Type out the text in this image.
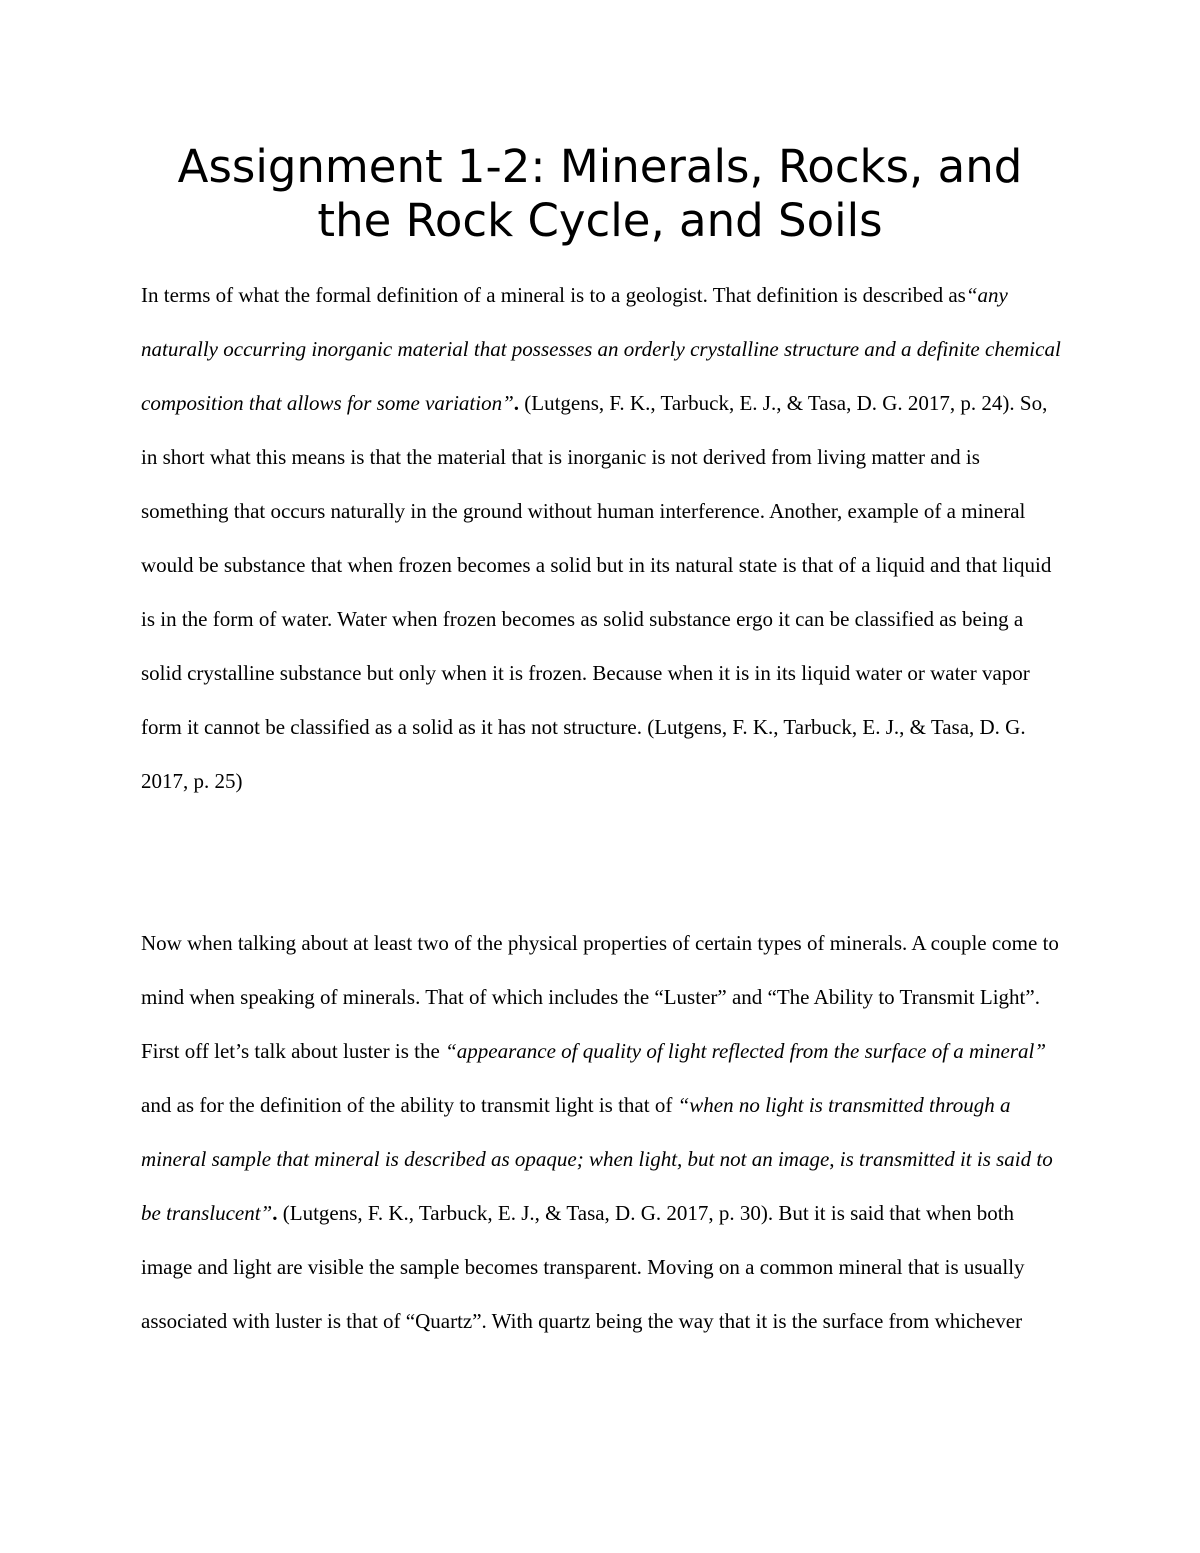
Assignment 1-2: Minerals, Rocks, and the Rock Cycle, and Soils

In terms of what the formal definition of a mineral is to a geologist. That definition is described as“any naturally occurring inorganic material that possesses an orderly crystalline structure and a definite chemical composition that allows for some variation”. (Lutgens, F. K., Tarbuck, E. J., & Tasa, D. G. 2017, p. 24). So, in short what this means is that the material that is inorganic is not derived from living matter and is something that occurs naturally in the ground without human interference. Another, example of a mineral would be substance that when frozen becomes a solid but in its natural state is that of a liquid and that liquid is in the form of water. Water when frozen becomes as solid substance ergo it can be classified as being a solid crystalline substance but only when it is frozen. Because when it is in its liquid water or water vapor form it cannot be classified as a solid as it has not structure. (Lutgens, F. K., Tarbuck, E. J., & Tasa, D. G. 2017, p. 25)

Now when talking about at least two of the physical properties of certain types of minerals. A couple come to mind when speaking of minerals. That of which includes the “Luster” and “The Ability to Transmit Light”. First off let’s talk about luster is the “appearance of quality of light reflected from the surface of a mineral” and as for the definition of the ability to transmit light is that of “when no light is transmitted through a mineral sample that mineral is described as opaque; when light, but not an image, is transmitted it is said to be translucent”. (Lutgens, F. K., Tarbuck, E. J., & Tasa, D. G. 2017, p. 30). But it is said that when both image and light are visible the sample becomes transparent. Moving on a common mineral that is usually associated with luster is that of “Quartz”. With quartz being the way that it is the surface from whichever
